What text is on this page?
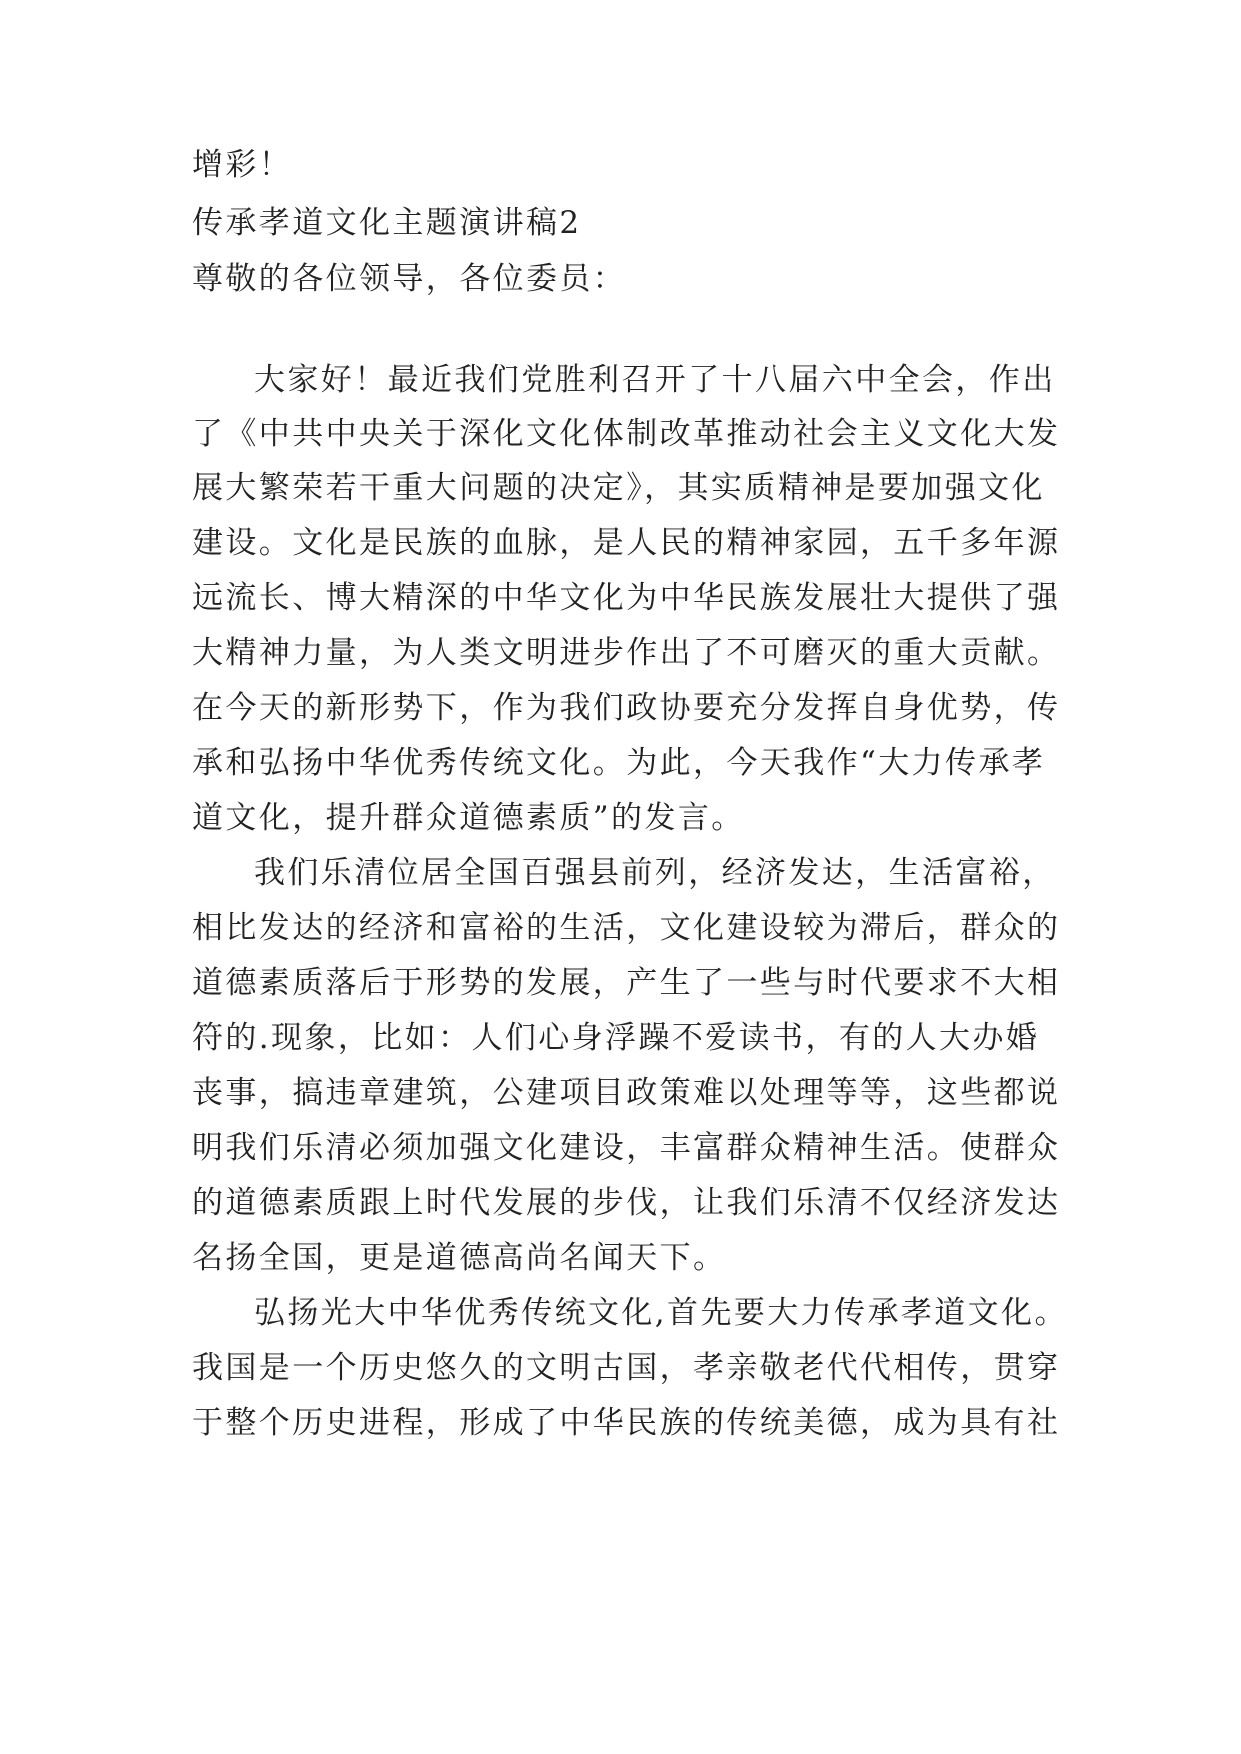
增彩！
传承孝道文化主题演讲稿2
尊敬的各位领导，各位委员：
大家好！最近我们党胜利召开了十八届六中全会，作出
了《中共中央关于深化文化体制改革推动社会主义文化大发
展大繁荣若干重大问题的决定》，其实质精神是要加强文化
建设。文化是民族的血脉，是人民的精神家园，五千多年源
远流长、博大精深的中华文化为中华民族发展壮大提供了强
大精神力量，为人类文明进步作出了不可磨灭的重大贡献。
在今天的新形势下，作为我们政协要充分发挥自身优势，传
承和弘扬中华优秀传统文化。为此，今天我作“大力传承孝
道文化，提升群众道德素质”的发言。
我们乐清位居全国百强县前列，经济发达，生活富裕，
相比发达的经济和富裕的生活，文化建设较为滞后，群众的
道德素质落后于形势的发展，产生了一些与时代要求不大相
符的.现象，比如：人们心身浮躁不爱读书，有的人大办婚
丧事，搞违章建筑，公建项目政策难以处理等等，这些都说
明我们乐清必须加强文化建设，丰富群众精神生活。使群众
的道德素质跟上时代发展的步伐，让我们乐清不仅经济发达
名扬全国，更是道德高尚名闻天下。
弘扬光大中华优秀传统文化,首先要大力传承孝道文化。
我国是一个历史悠久的文明古国，孝亲敬老代代相传，贯穿
于整个历史进程，形成了中华民族的传统美德，成为具有社
